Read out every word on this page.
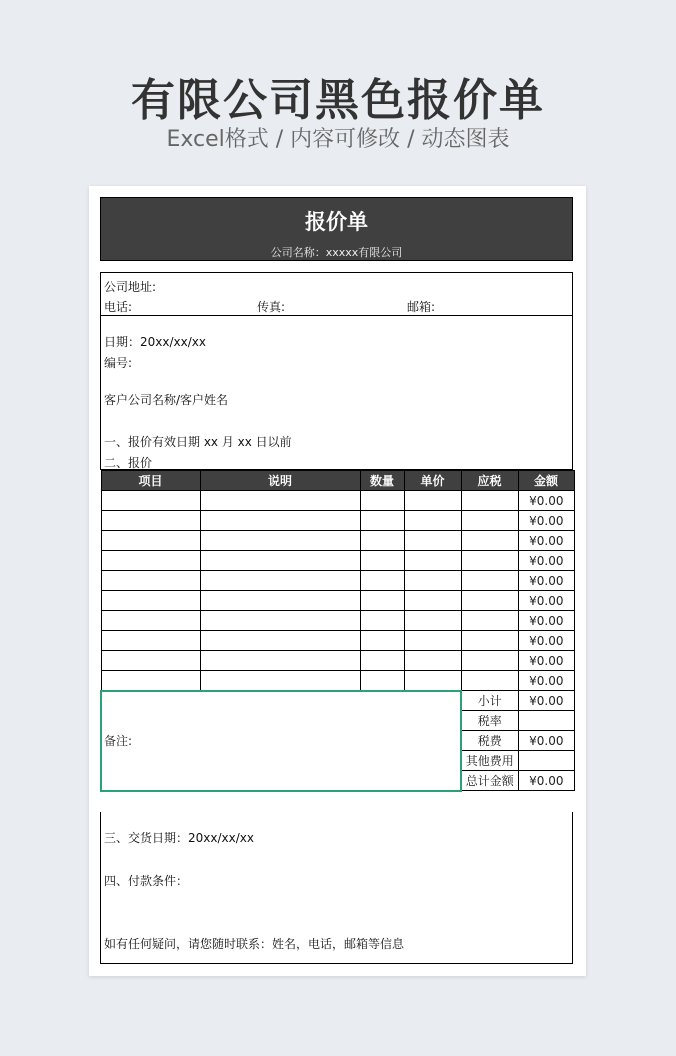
有限公司黑色报价单
Excel格式 / 内容可修改 / 动态图表
报价单
公司名称：xxxxx有限公司
公司地址:
电话:	传真:	邮箱:
日期：20xx/xx/xx
编号:
客户公司名称/客户姓名
一、报价有效日期 xx 月 xx 日以前
二、报价
项目	说明	数量	单价	应税	金额
					¥0.00
					¥0.00
					¥0.00
					¥0.00
					¥0.00
					¥0.00
					¥0.00
					¥0.00
					¥0.00
					¥0.00
备注:				小计	¥0.00
				税率	
				税费	¥0.00
				其他费用	
				总计金额	¥0.00
三、交货日期：20xx/xx/xx
四、付款条件：
如有任何疑问，请您随时联系：姓名，电话，邮箱等信息
